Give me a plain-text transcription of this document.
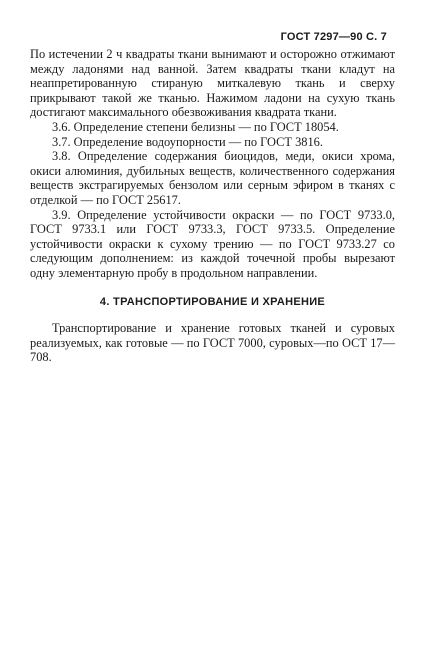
ГОСТ 7297—90 С. 7

По истечении 2 ч квадраты ткани вынимают и осторожно отжимают между ладонями над ванной. Затем квадраты ткани кладут на неаппретированную стираную миткалевую ткань и сверху прикрывают такой же тканью. Нажимом ладони на сухую ткань достигают максимального обезвоживания квадрата ткани.

3.6. Определение степени белизны — по ГОСТ 18054.

3.7. Определение водоупорности — по ГОСТ 3816.

3.8. Определение содержания биоцидов, меди, окиси хрома, окиси алюминия, дубильных веществ, количественного содержания веществ экстрагируемых бензолом или серным эфиром в тканях с отделкой — по ГОСТ 25617.

3.9. Определение устойчивости окраски — по ГОСТ 9733.0, ГОСТ 9733.1 или ГОСТ 9733.3, ГОСТ 9733.5. Определение устойчивости окраски к сухому трению — по ГОСТ 9733.27 со следующим дополнением: из каждой точечной пробы вырезают одну элементарную пробу в продольном направлении.

4. ТРАНСПОРТИРОВАНИЕ И ХРАНЕНИЕ

Транспортирование и хранение готовых тканей и суровых реализуемых, как готовые — по ГОСТ 7000, суровых—по ОСТ 17—708.
